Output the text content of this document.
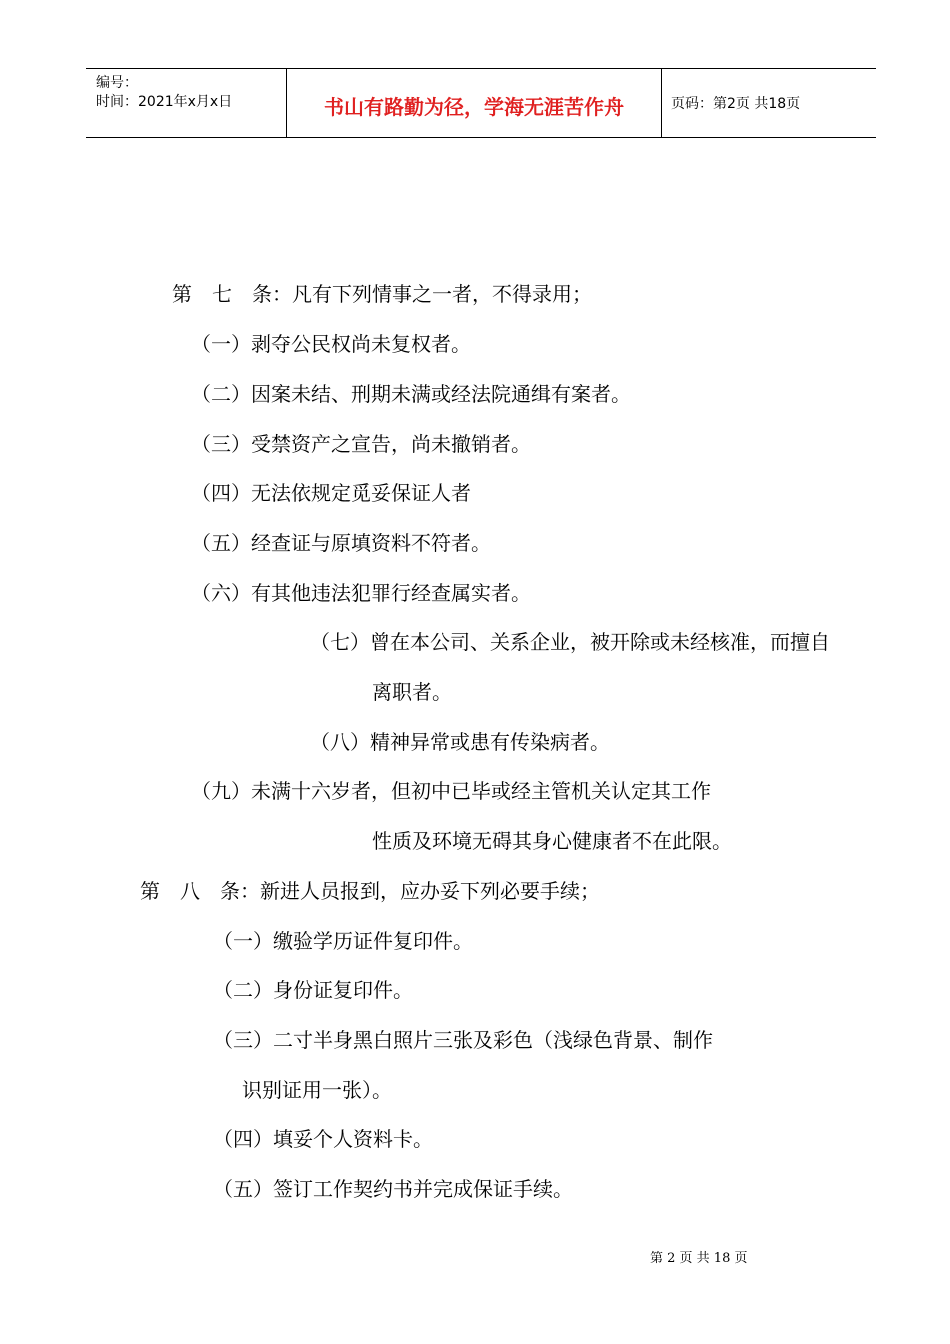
编号：
时间：2021年x月x日	书山有路勤为径，学海无涯苦作舟	页码：第2页 共18页
第　七　条：凡有下列情事之一者，不得录用；
（一）剥夺公民权尚未复权者。
（二）因案未结、刑期未满或经法院通缉有案者。
（三）受禁资产之宣告，尚未撤销者。
（四）无法依规定觅妥保证人者
（五）经查证与原填资料不符者。
（六）有其他违法犯罪行经查属实者。
（七）曾在本公司、关系企业，被开除或未经核准，而擅自
离职者。
（八）精神异常或患有传染病者。
（九）未满十六岁者，但初中已毕或经主管机关认定其工作
性质及环境无碍其身心健康者不在此限。
第　八　条：新进人员报到，应办妥下列必要手续；
（一）缴验学历证件复印件。
（二）身份证复印件。
（三）二寸半身黑白照片三张及彩色（浅绿色背景、制作
识别证用一张）。
（四）填妥个人资料卡。
（五）签订工作契约书并完成保证手续。
第 2 页 共 18 页
